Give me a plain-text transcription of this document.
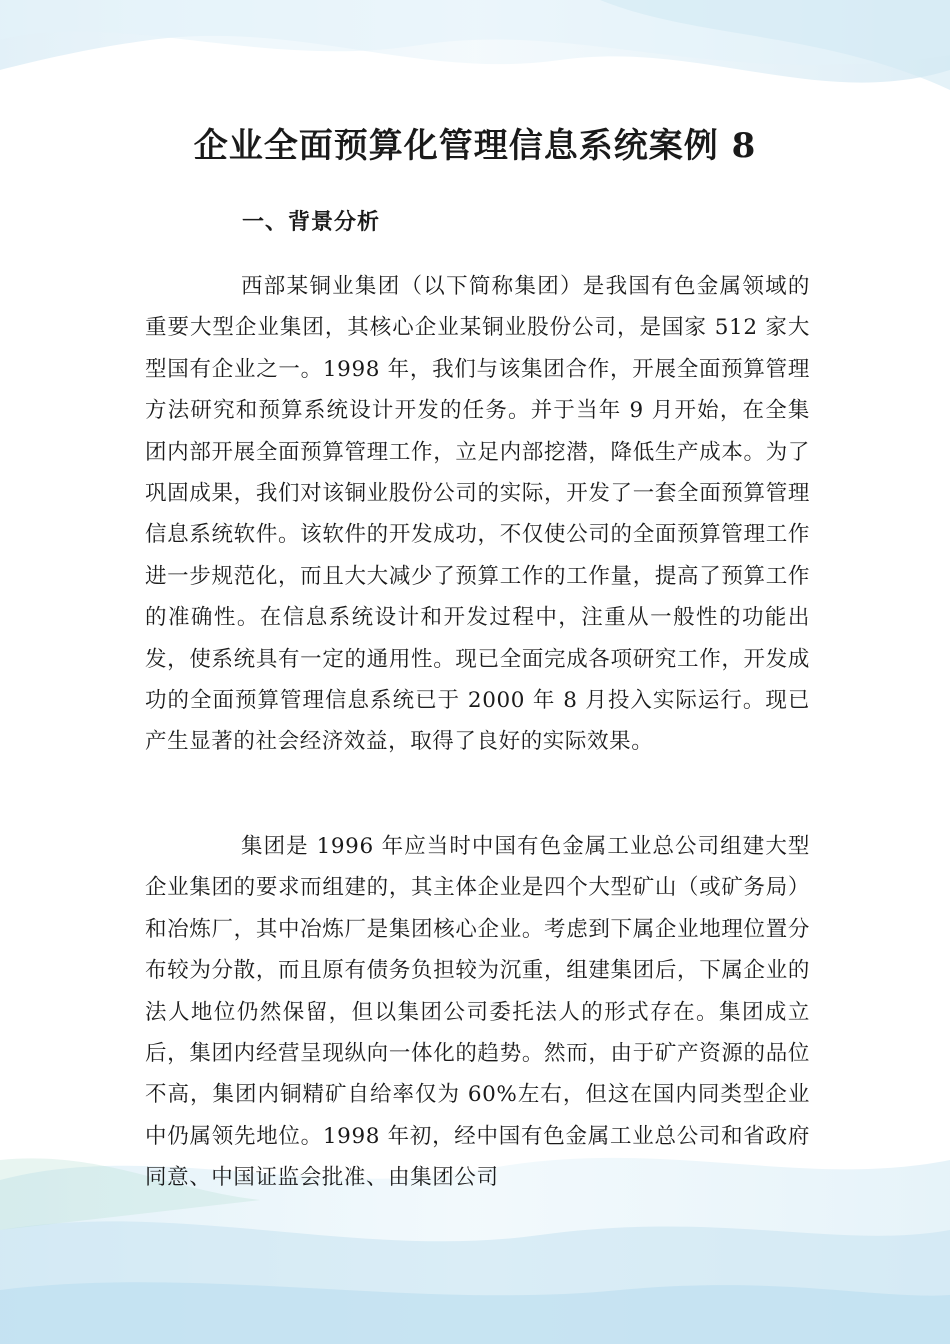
企业全面预算化管理信息系统案例 8
一、背景分析

西部某铜业集团（以下简称集团）是我国有色金属领域的重要大型企业集团，其核心企业某铜业股份公司，是国家 512 家大型国有企业之一。1998 年，我们与该集团合作，开展全面预算管理方法研究和预算系统设计开发的任务。并于当年 9 月开始，在全集团内部开展全面预算管理工作，立足内部挖潜，降低生产成本。为了巩固成果，我们对该铜业股份公司的实际，开发了一套全面预算管理信息系统软件。该软件的开发成功，不仅使公司的全面预算管理工作进一步规范化，而且大大减少了预算工作的工作量，提高了预算工作的准确性。在信息系统设计和开发过程中，注重从一般性的功能出发，使系统具有一定的通用性。现已全面完成各项研究工作，开发成功的全面预算管理信息系统已于 2000 年 8 月投入实际运行。现已产生显著的社会经济效益，取得了良好的实际效果。

集团是 1996 年应当时中国有色金属工业总公司组建大型企业集团的要求而组建的，其主体企业是四个大型矿山（或矿务局）和冶炼厂，其中冶炼厂是集团核心企业。考虑到下属企业地理位置分布较为分散，而且原有债务负担较为沉重，组建集团后，下属企业的法人地位仍然保留，但以集团公司委托法人的形式存在。集团成立后，集团内经营呈现纵向一体化的趋势。然而，由于矿产资源的品位不高，集团内铜精矿自给率仅为 60%左右，但这在国内同类型企业中仍属领先地位。1998 年初，经中国有色金属工业总公司和省政府同意、中国证监会批准、由集团公司
